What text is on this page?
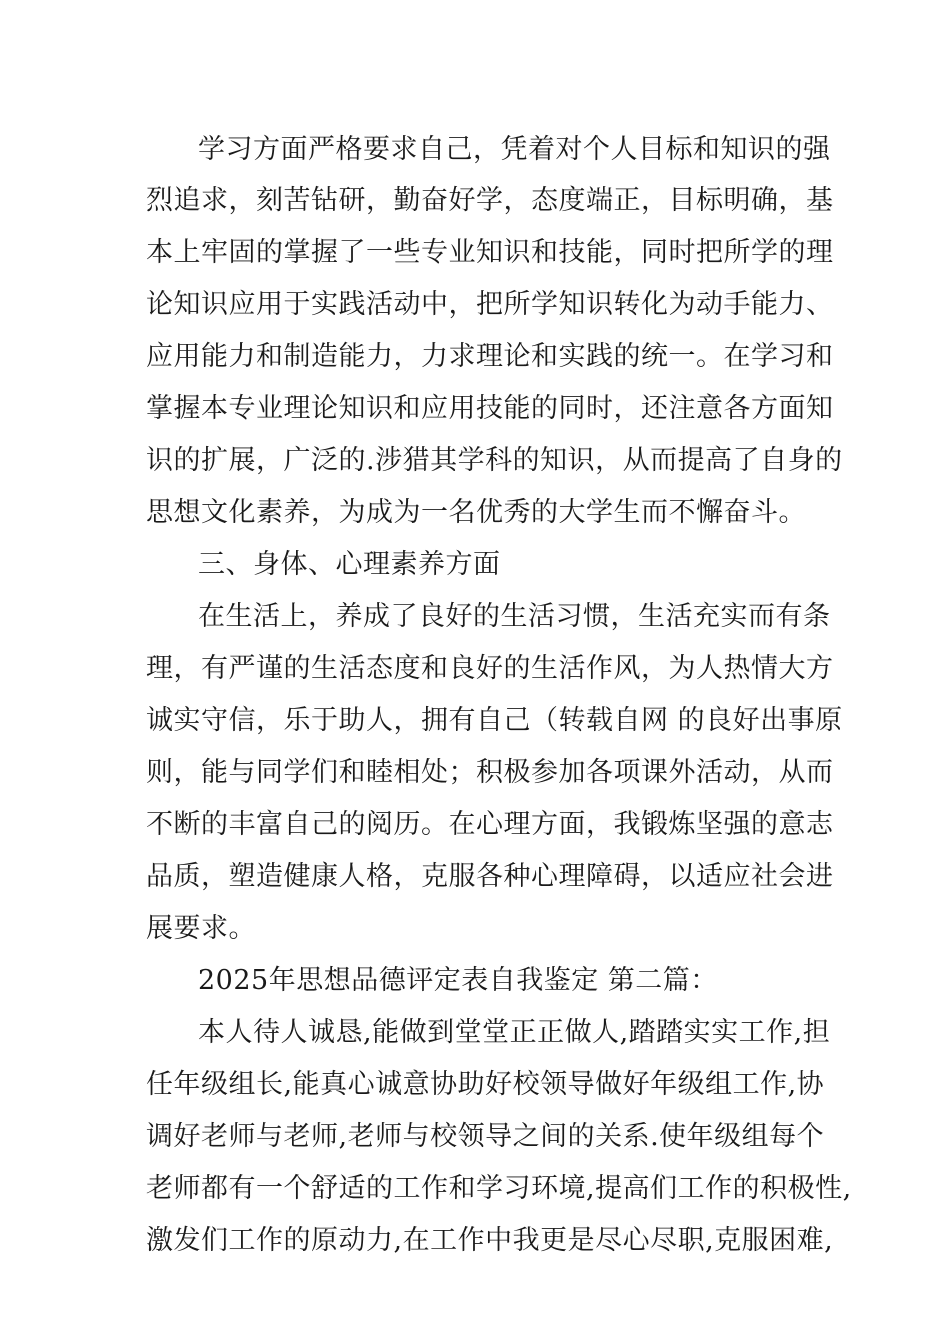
学习方面严格要求自己，凭着对个人目标和知识的强
烈追求，刻苦钻研，勤奋好学，态度端正，目标明确，基
本上牢固的掌握了一些专业知识和技能，同时把所学的理
论知识应用于实践活动中，把所学知识转化为动手能力、
应用能力和制造能力，力求理论和实践的统一。在学习和
掌握本专业理论知识和应用技能的同时，还注意各方面知
识的扩展，广泛的.涉猎其学科的知识，从而提高了自身的
思想文化素养，为成为一名优秀的大学生而不懈奋斗。
三、身体、心理素养方面
在生活上，养成了良好的生活习惯，生活充实而有条
理，有严谨的生活态度和良好的生活作风，为人热情大方
诚实守信，乐于助人，拥有自己（转载自网 的良好出事原
则，能与同学们和睦相处；积极参加各项课外活动，从而
不断的丰富自己的阅历。在心理方面，我锻炼坚强的意志
品质，塑造健康人格，克服各种心理障碍，以适应社会进
展要求。
2025年思想品德评定表自我鉴定 第二篇：
本人待人诚恳,能做到堂堂正正做人,踏踏实实工作,担
任年级组长,能真心诚意协助好校领导做好年级组工作,协
调好老师与老师,老师与校领导之间的关系.使年级组每个
老师都有一个舒适的工作和学习环境,提高们工作的积极性,
激发们工作的原动力,在工作中我更是尽心尽职,克服困难,
